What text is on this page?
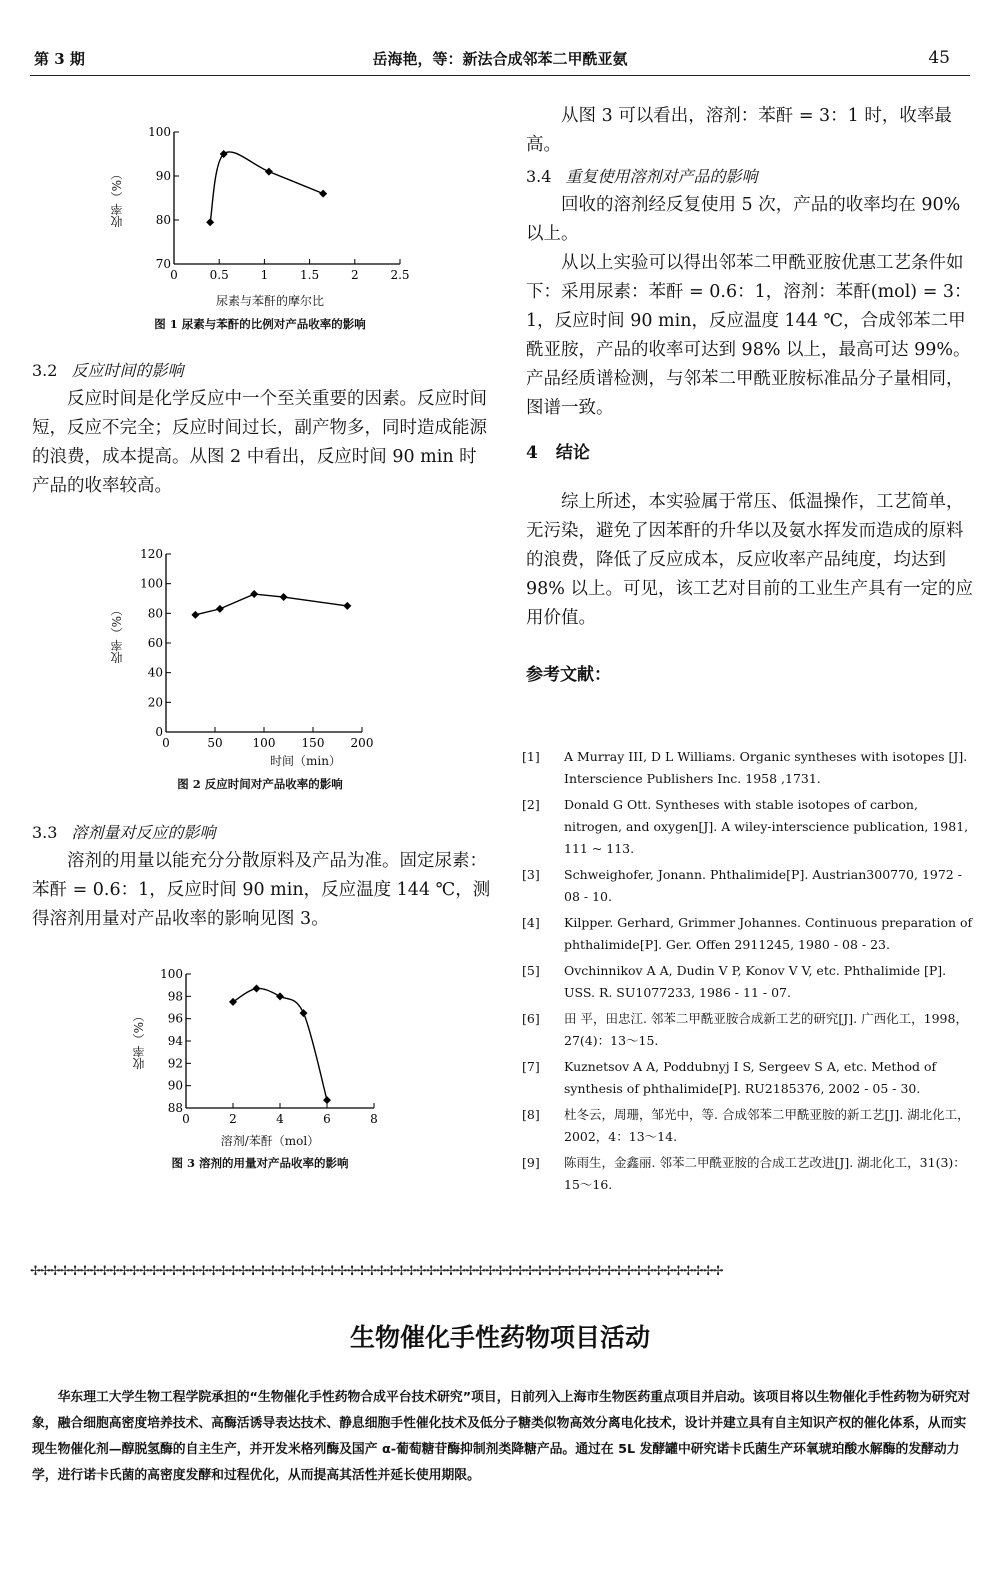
第 3 期	岳海艳，等：新法合成邻苯二甲酰亚氨	45
70
80
90
100
0	0.5	1	1.5	2	2.5
收率（%）
尿素与苯酐的摩尔比
图 1 尿素与苯酐的比例对产品收率的影响

3.2 反应时间的影响

反应时间是化学反应中一个至关重要的因素。反应时间短，反应不完全；反应时间过长，副产物多，同时造成能源的浪费，成本提高。从图 2 中看出，反应时间 90 min 时产品的收率较高。

0
20
40
60
80
100
120
0	50 100 150 200
收率（%）
时间（min）
图 2 反应时间对产品收率的影响

3.3 溶剂量对反应的影响

溶剂的用量以能充分分散原料及产品为准。固定尿素：苯酐 = 0.6：1，反应时间 90 min，反应温度 144 ℃，测得溶剂用量对产品收率的影响见图 3。

88
90
92
94
96
98
100
0	2	4	6	8
收率（%）
溶剂/苯酐（mol）
图 3 溶剂的用量对产品收率的影响

从图 3 可以看出，溶剂：苯酐 = 3：1 时，收率最高。

3.4 重复使用溶剂对产品的影响

回收的溶剂经反复使用 5 次，产品的收率均在 90% 以上。

从以上实验可以得出邻苯二甲酰亚胺优惠工艺条件如下：采用尿素：苯酐 = 0.6：1，溶剂：苯酐(mol) = 3：1，反应时间 90 min，反应温度 144 ℃，合成邻苯二甲酰亚胺，产品的收率可达到 98% 以上，最高可达 99%。产品经质谱检测，与邻苯二甲酰亚胺标准品分子量相同，图谱一致。

4 结论

综上所述，本实验属于常压、低温操作，工艺简单，无污染，避免了因苯酐的升华以及氨水挥发而造成的原料的浪费，降低了反应成本，反应收率产品纯度，均达到 98% 以上。可见，该工艺对目前的工业生产具有一定的应用价值。

参考文献：

[1] A Murray III, D L Williams. Organic syntheses with isotopes [J]. Interscience Publishers Inc. 1958 ,1731.
[2] Donald G Ott. Syntheses with stable isotopes of carbon, nitrogen, and oxygen[J]. A wiley-interscience publication, 1981, 111 ~ 113.
[3] Schweighofer, Jonann. Phthalimide[P]. Austrian300770, 1972 - 08 - 10.
[4] Kilpper. Gerhard, Grimmer Johannes. Continuous preparation of phthalimide[P]. Ger. Offen 2911245, 1980 - 08 - 23.
[5] Ovchinnikov A A, Dudin V P, Konov V V, etc. Phthalimide [P]. USS. R. SU1077233, 1986 - 11 - 07.
[6] 田 平，田忠江. 邻苯二甲酰亚胺合成新工艺的研究[J]. 广西化工，1998，27(4)：13～15.
[7] Kuznetsov A A, Poddubnyj I S, Sergeev S A, etc. Method of synthesis of phthalimide[P]. RU2185376, 2002 - 05 - 30.
[8] 杜冬云，周珊，邹光中，等. 合成邻苯二甲酰亚胺的新工艺[J]. 湖北化工，2002，4：13～14.
[9] 陈雨生，金鑫丽. 邻苯二甲酰亚胺的合成工艺改进[J]. 湖北化工，31(3)：15～16.
✢✢✢✢✢✢✢✢✢✢✢✢✢✢✢✢✢✢✢✢✢✢✢✢✢✢✢✢✢✢✢✢✢✢✢✢✢✢✢✢✢✢✢✢✢✢✢✢✢✢✢✢✢✢✢✢✢✢✢✢✢✢✢✢✢✢✢✢✢✢
生物催化手性药物项目活动
华东理工大学生物工程学院承担的“生物催化手性药物合成平台技术研究”项目，日前列入上海市生物医药重点项目并启动。该项目将以生物催化手性药物为研究对象，融合细胞高密度培养技术、高酶活诱导表达技术、静息细胞手性催化技术及低分子糖类似物高效分离电化技术，设计并建立具有自主知识产权的催化体系，从而实现生物催化剂—醇脱氢酶的自主生产，并开发米格列酶及国产 α-葡萄糖苷酶抑制剂类降糖产品。通过在 5L 发酵罐中研究诺卡氏菌生产环氧琥珀酸水解酶的发酵动力学，进行诺卡氏菌的高密度发酵和过程优化，从而提高其活性并延长使用期限。
